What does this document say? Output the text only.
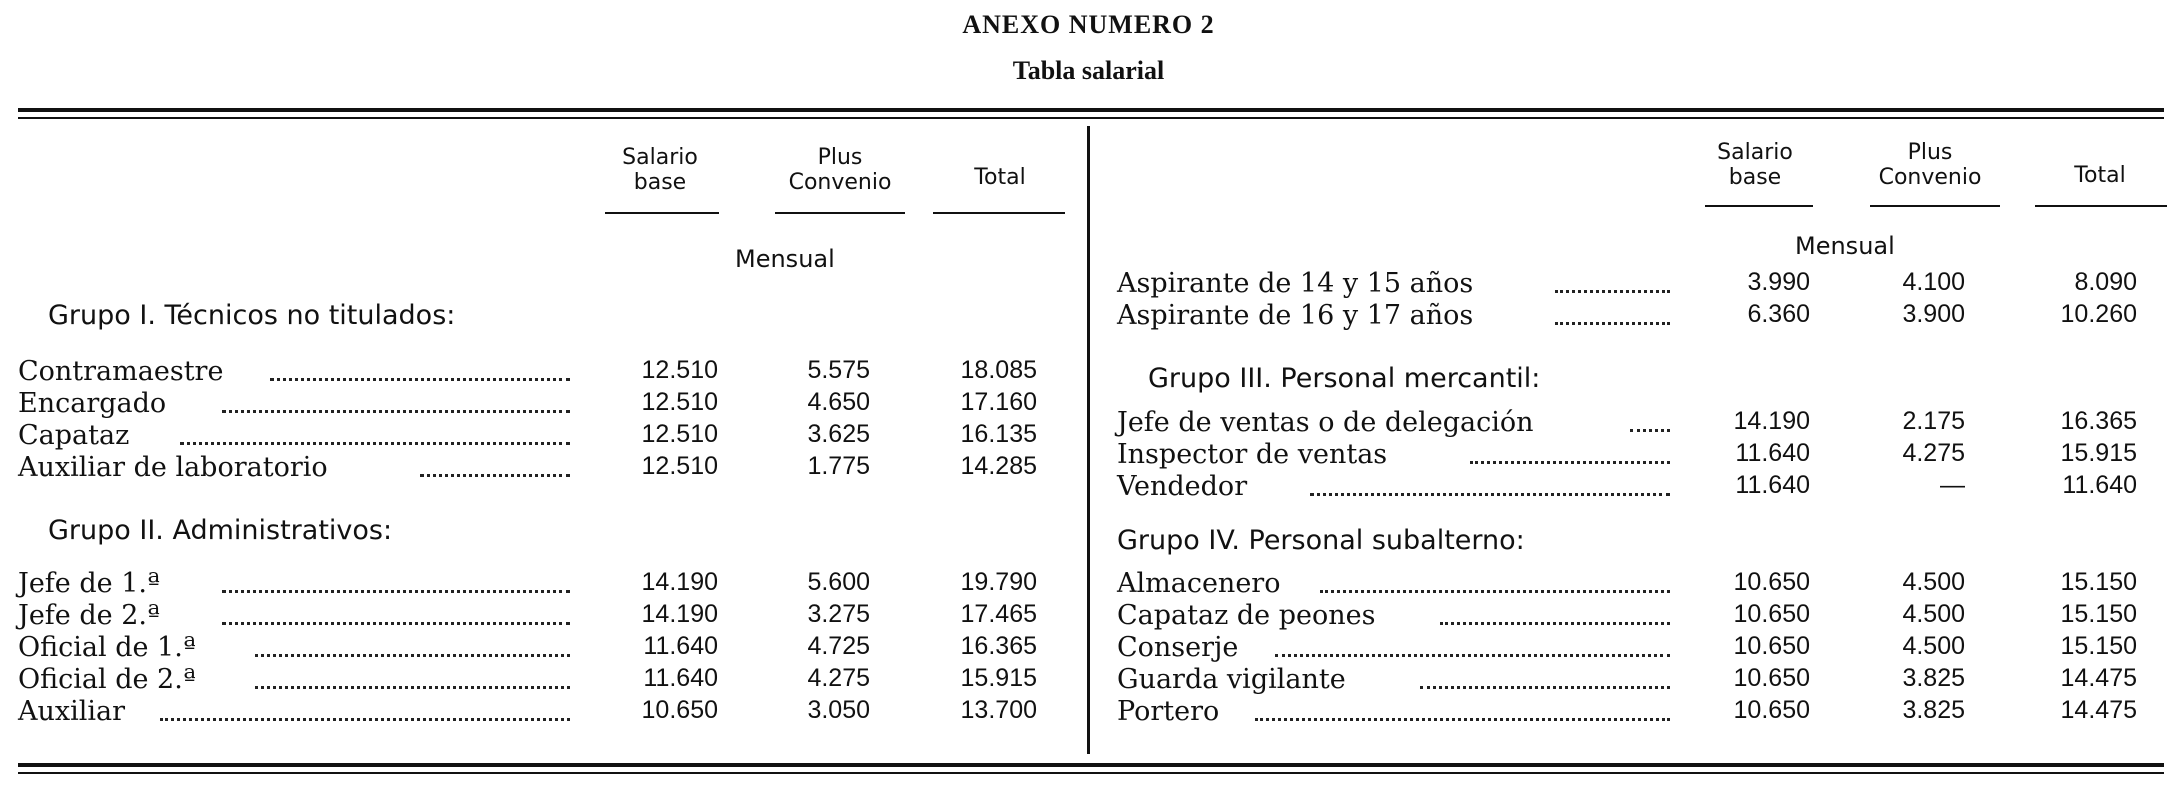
ANEXO NUMERO 2
Tabla salarial
Salario
base
Plus
Convenio	Total
Mensual
Grupo I. Técnicos no titulados:
Contramaestre	12.510	5.575	18.085
Encargado	12.510	4.650	17.160
Capataz	12.510	3.625	16.135
Auxiliar de laboratorio	12.510	1.775	14.285
Grupo II. Administrativos:
Jefe de 1.ª	14.190	5.600	19.790
Jefe de 2.ª	14.190	3.275	17.465
Oficial de 1.ª	11.640	4.725	16.365
Oficial de 2.ª	11.640	4.275	15.915
Auxiliar	10.650	3.050	13.700
Salario
base
Plus
Convenio	Total
Mensual
Aspirante de 14 y 15 años	3.990	4.100	8.090
Aspirante de 16 y 17 años	6.360	3.900	10.260
Grupo III. Personal mercantil:
Jefe de ventas o de delegación	14.190	2.175	16.365
Inspector de ventas	11.640	4.275	15.915
Vendedor	11.640	—	11.640
Grupo IV. Personal subalterno:
Almacenero	10.650	4.500	15.150
Capataz de peones	10.650	4.500	15.150
Conserje	10.650	4.500	15.150
Guarda vigilante	10.650	3.825	14.475
Portero	10.650	3.825	14.475
